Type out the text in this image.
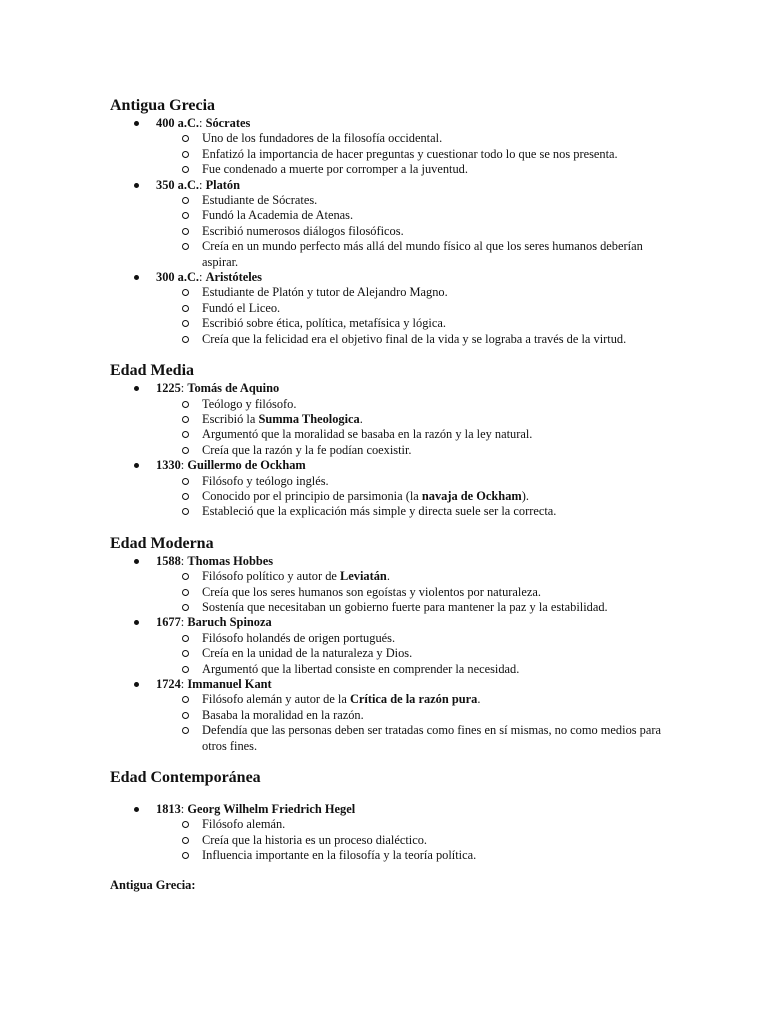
Antigua Grecia
400 a.C.: Sócrates
Uno de los fundadores de la filosofía occidental.
Enfatizó la importancia de hacer preguntas y cuestionar todo lo que se nos presenta.
Fue condenado a muerte por corromper a la juventud.
350 a.C.: Platón
Estudiante de Sócrates.
Fundó la Academia de Atenas.
Escribió numerosos diálogos filosóficos.
Creía en un mundo perfecto más allá del mundo físico al que los seres humanos deberían aspirar.
300 a.C.: Aristóteles
Estudiante de Platón y tutor de Alejandro Magno.
Fundó el Liceo.
Escribió sobre ética, política, metafísica y lógica.
Creía que la felicidad era el objetivo final de la vida y se lograba a través de la virtud.
Edad Media
1225: Tomás de Aquino
Teólogo y filósofo.
Escribió la Summa Theologica.
Argumentó que la moralidad se basaba en la razón y la ley natural.
Creía que la razón y la fe podían coexistir.
1330: Guillermo de Ockham
Filósofo y teólogo inglés.
Conocido por el principio de parsimonia (la navaja de Ockham).
Estableció que la explicación más simple y directa suele ser la correcta.
Edad Moderna
1588: Thomas Hobbes
Filósofo político y autor de Leviatán.
Creía que los seres humanos son egoístas y violentos por naturaleza.
Sostenía que necesitaban un gobierno fuerte para mantener la paz y la estabilidad.
1677: Baruch Spinoza
Filósofo holandés de origen portugués.
Creía en la unidad de la naturaleza y Dios.
Argumentó que la libertad consiste en comprender la necesidad.
1724: Immanuel Kant
Filósofo alemán y autor de la Crítica de la razón pura.
Basaba la moralidad en la razón.
Defendía que las personas deben ser tratadas como fines en sí mismas, no como medios para otros fines.
Edad Contemporánea
1813: Georg Wilhelm Friedrich Hegel
Filósofo alemán.
Creía que la historia es un proceso dialéctico.
Influencia importante en la filosofía y la teoría política.
Antigua Grecia:
